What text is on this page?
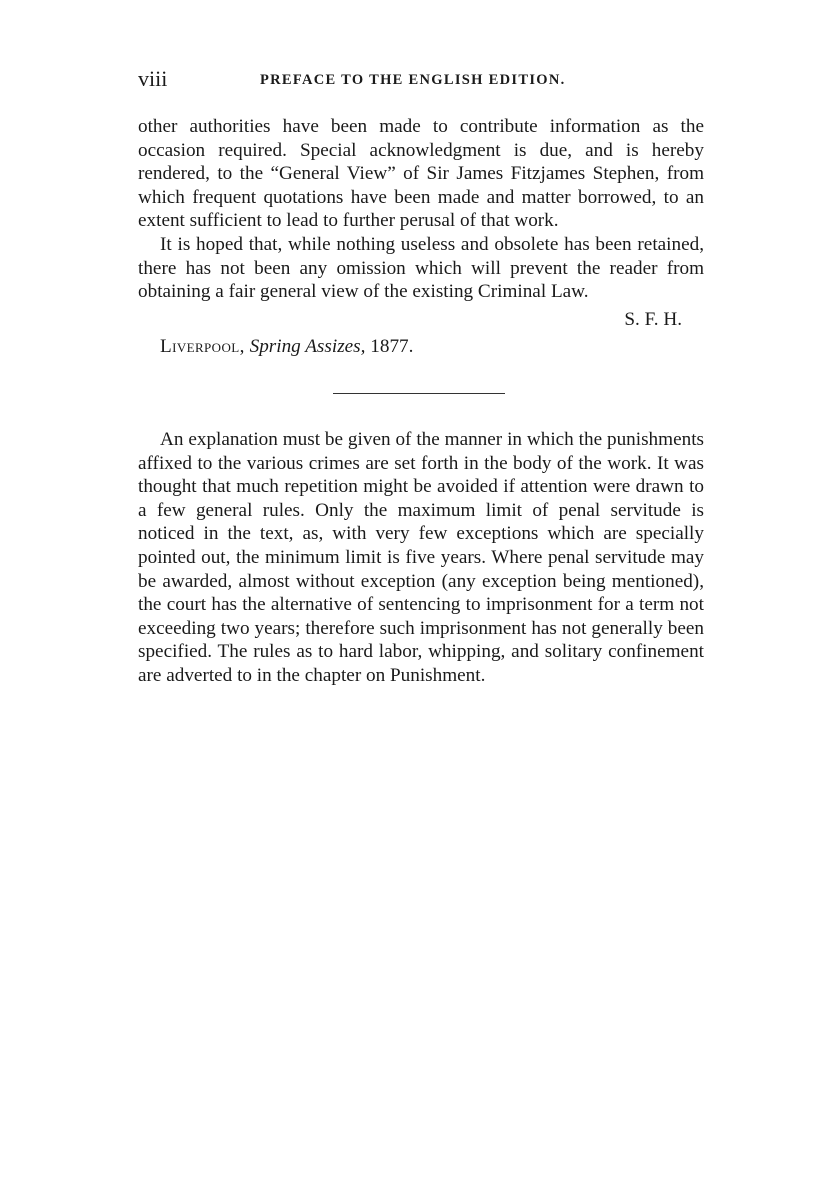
viii	PREFACE TO THE ENGLISH EDITION.

other authorities have been made to contribute information as the occasion required. Special acknowledgment is due, and is hereby rendered, to the “General View” of Sir James Fitzjames Stephen, from which frequent quotations have been made and matter borrowed, to an extent sufficient to lead to further perusal of that work.

It is hoped that, while nothing useless and obsolete has been retained, there has not been any omission which will prevent the reader from obtaining a fair general view of the existing Criminal Law.

S. F. H.
Liverpool, Spring Assizes, 1877.

An explanation must be given of the manner in which the punishments affixed to the various crimes are set forth in the body of the work. It was thought that much repetition might be avoided if attention were drawn to a few general rules. Only the maximum limit of penal servitude is noticed in the text, as, with very few exceptions which are specially pointed out, the minimum limit is five years. Where penal servitude may be awarded, almost without exception (any exception being mentioned), the court has the alternative of sentencing to imprisonment for a term not exceeding two years; therefore such imprisonment has not generally been specified. The rules as to hard labor, whipping, and solitary confinement are adverted to in the chapter on Punishment.
